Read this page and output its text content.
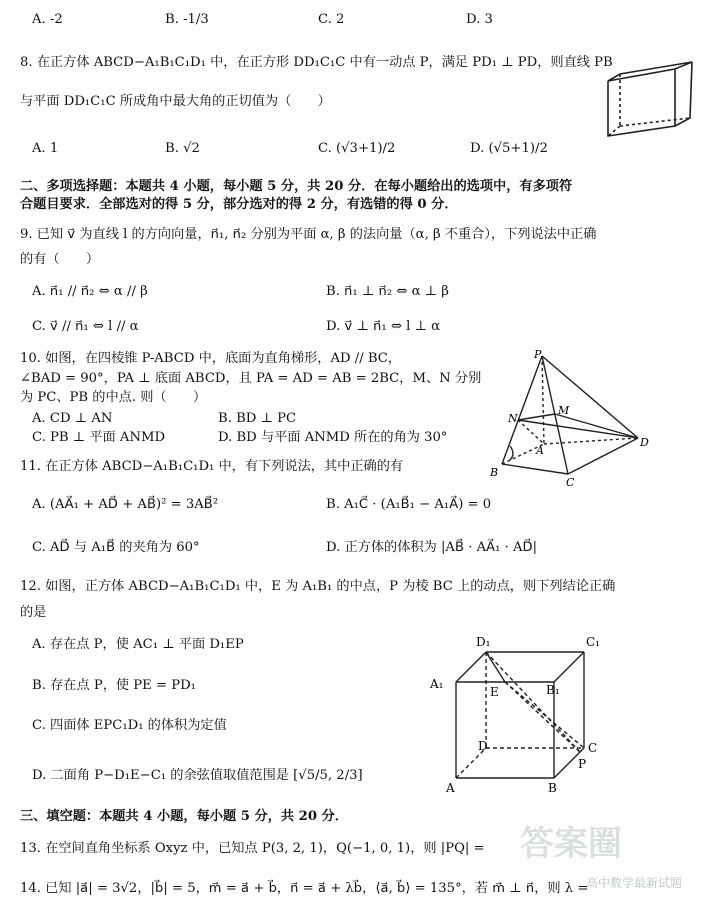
A. -2	B. -1/3	C. 2	D. 3
8. 在正方体 ABCD−A₁B₁C₁D₁ 中，在正方形 DD₁C₁C 中有一动点 P，满足 PD₁ ⊥ PD，则直线 PB
与平面 DD₁C₁C 所成角中最大角的正切值为（　　）
A. 1	B. √2	C. (√3+1)/2	D. (√5+1)/2
二、多项选择题：本题共 4 小题，每小题 5 分，共 20 分．在每小题给出的选项中，有多项符
合题目要求．全部选对的得 5 分，部分选对的得 2 分，有选错的得 0 分．
9. 已知 v⃗ 为直线 l 的方向向量，n⃗₁, n⃗₂ 分别为平面 α, β 的法向量（α, β 不重合），下列说法中正确
的有（　　）
A. n⃗₁ // n⃗₂ ⇔ α // β	B. n⃗₁ ⊥ n⃗₂ ⇔ α ⊥ β
C. v⃗ // n⃗₁ ⇔ l // α	D. v⃗ ⊥ n⃗₁ ⇔ l ⊥ α
10. 如图，在四棱锥 P-ABCD 中，底面为直角梯形，AD // BC，
∠BAD = 90°，PA ⊥ 底面 ABCD，且 PA = AD = AB = 2BC，M、N 分别
为 PC、PB 的中点. 则（　　）
A. CD ⊥ AN	B. BD ⊥ PC
C. PB ⊥ 平面 ANMD	D. BD 与平面 ANMD 所在的角为 30°
P
N
M
A
B
C
D
11. 在正方体 ABCD−A₁B₁C₁D₁ 中，有下列说法，其中正确的有
A. (AA⃗₁ + AD⃗ + AB⃗)² = 3AB⃗²	B. A₁C⃗ · (A₁B⃗₁ − A₁A⃗) = 0
C. AD⃗ 与 A₁B⃗ 的夹角为 60°	D. 正方体的体积为 |AB⃗ · AA⃗₁ · AD⃗|
12. 如图，正方体 ABCD−A₁B₁C₁D₁ 中，E 为 A₁B₁ 的中点，P 为棱 BC 上的动点，则下列结论正确
的是
A. 存在点 P，使 AC₁ ⊥ 平面 D₁EP
B. 存在点 P，使 PE = PD₁
C. 四面体 EPC₁D₁ 的体积为定值
D. 二面角 P−D₁E−C₁ 的余弦值取值范围是 [√5/5, 2/3]
D₁	C₁
A₁	B₁
E
D	C
P
A	B
三、填空题：本题共 4 小题，每小题 5 分，共 20 分．
13. 在空间直角坐标系 Oxyz 中，已知点 P(3, 2, 1)，Q(−1, 0, 1)，则 |PQ| =
14. 已知 |a⃗| = 3√2，|b⃗| = 5，m⃗ = a⃗ + b⃗，n⃗ = a⃗ + λb⃗，⟨a⃗, b⃗⟩ = 135°，若 m⃗ ⊥ n⃗，则 λ =
答案圈
高中数学最新试题
